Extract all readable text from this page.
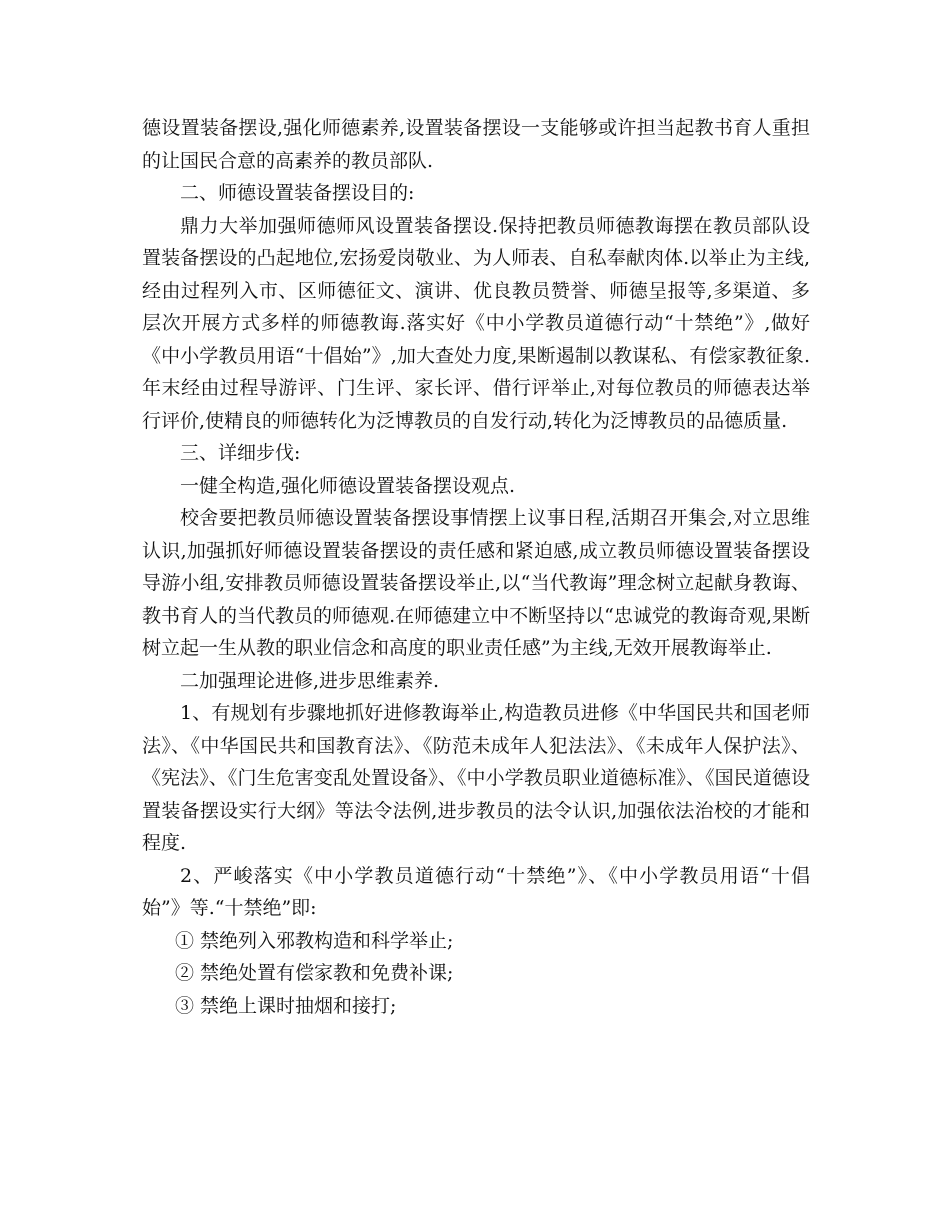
德设置装备摆设,强化师德素养,设置装备摆设一支能够或许担当起教书育人重担的让国民合意的高素养的教员部队.

二、师德设置装备摆设目的:

鼎力大举加强师德师风设置装备摆设.保持把教员师德教诲摆在教员部队设置装备摆设的凸起地位,宏扬爱岗敬业、为人师表、自私奉献肉体.以举止为主线,经由过程列入市、区师德征文、演讲、优良教员赞誉、师德呈报等,多渠道、多层次开展方式多样的师德教诲.落实好《中小学教员道德行动“十禁绝”》,做好《中小学教员用语“十倡始”》,加大查处力度,果断遏制以教谋私、有偿家教征象.年末经由过程导游评、门生评、家长评、借行评举止,对每位教员的师德表达举行评价,使精良的师德转化为泛博教员的自发行动,转化为泛博教员的品德质量.

三、详细步伐:

一健全构造,强化师德设置装备摆设观点.

校舍要把教员师德设置装备摆设事情摆上议事日程,活期召开集会,对立思维认识,加强抓好师德设置装备摆设的责任感和紧迫感,成立教员师德设置装备摆设导游小组,安排教员师德设置装备摆设举止,以“当代教诲”理念树立起献身教诲、教书育人的当代教员的师德观.在师德建立中不断坚持以“忠诚党的教诲奇观,果断树立起一生从教的职业信念和高度的职业责任感”为主线,无效开展教诲举止.

二加强理论进修,进步思维素养.

1、有规划有步骤地抓好进修教诲举止,构造教员进修《中华国民共和国老师法》、《中华国民共和国教育法》、《防范未成年人犯法法》、《未成年人保护法》、《宪法》、《门生危害变乱处置设备》、《中小学教员职业道德标准》、《国民道德设置装备摆设实行大纲》等法令法例,进步教员的法令认识,加强依法治校的才能和程度.

2、严峻落实《中小学教员道德行动“十禁绝”》、《中小学教员用语“十倡始”》等.“十禁绝”即:

① 禁绝列入邪教构造和科学举止;
② 禁绝处置有偿家教和免费补课;
③ 禁绝上课时抽烟和接打;
